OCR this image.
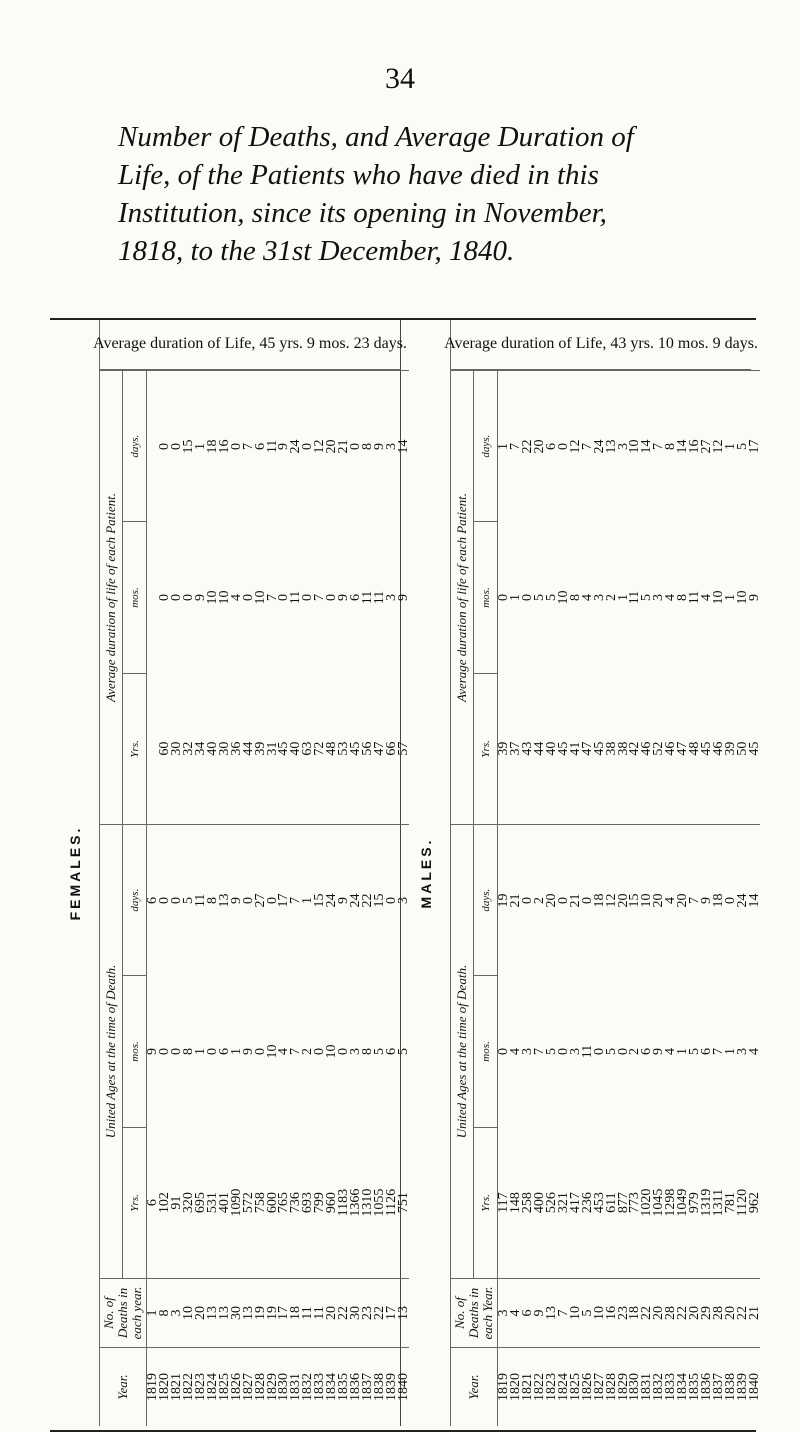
34
Number of Deaths, and Average Duration of Life, of the Patients who have died in this Institution, since its opening in November, 1818, to the 31st December, 1840.
FEMALES.
Year.	No. of Deaths in each year.	United Ages at the time of Death.			Average duration of life of each Patient.		
		Yrs.	mos.	days.	Yrs.	mos.	days.
1819	1	6	9	6			
1820	8	102	0	0	60	0	0
1821	3	91	0	0	30	0	0
1822	10	320	8	5	32	0	15
1823	20	695	1	11	34	9	1
1824	13	531	0	8	40	10	18
1825	13	401	6	13	30	10	16
1826	30	1090	1	9	36	4	0
1827	13	572	9	0	44	0	7
1828	19	758	0	27	39	10	6
1829	19	600	10	0	31	7	11
1830	17	765	4	17	45	0	9
1831	18	736	7	7	40	11	24
1832	11	693	2	1	63	0	0
1833	11	799	0	15	72	7	12
1834	20	960	10	24	48	0	20
1835	22	1183	0	9	53	9	21
1836	30	1366	3	24	45	6	0
1837	23	1310	8	22	56	11	8
1838	22	1055	5	15	47	11	9
1839	17	1126	6	0	66	3	3
1840	13	751	5	3	57	9	14
Average duration of Life, 45 yrs. 9 mos. 23 days.
MALES.
Year.	No. of Deaths in each Year.	United Ages at the time of Death.			Average duration of life of each Patient.		
		Yrs.	mos.	days.	Yrs.	mos.	days.
1819	3	117	0	19	39	0	1
1820	4	148	4	21	37	1	7
1821	6	258	3	0	43	0	22
1822	9	400	7	2	44	5	20
1823	13	526	5	20	40	5	6
1824	7	321	0	0	45	10	0
1825	10	417	3	21	41	8	12
1826	5	236	11	0	47	4	7
1827	10	453	0	18	45	3	24
1828	16	611	5	12	38	2	13
1829	23	877	0	20	38	1	3
1830	18	773	2	15	42	11	10
1831	22	1020	6	10	46	5	14
1832	20	1045	9	20	52	3	7
1833	28	1298	4	4	46	4	8
1834	22	1049	1	20	47	8	14
1835	20	979	5	7	48	11	16
1836	29	1319	6	9	45	4	27
1837	28	1311	7	18	46	10	12
1838	20	781	1	0	39	1	1
1839	22	1120	3	24	50	10	5
1840	21	962	4	14	45	9	17
Average duration of Life, 43 yrs. 10 mos. 9 days.
